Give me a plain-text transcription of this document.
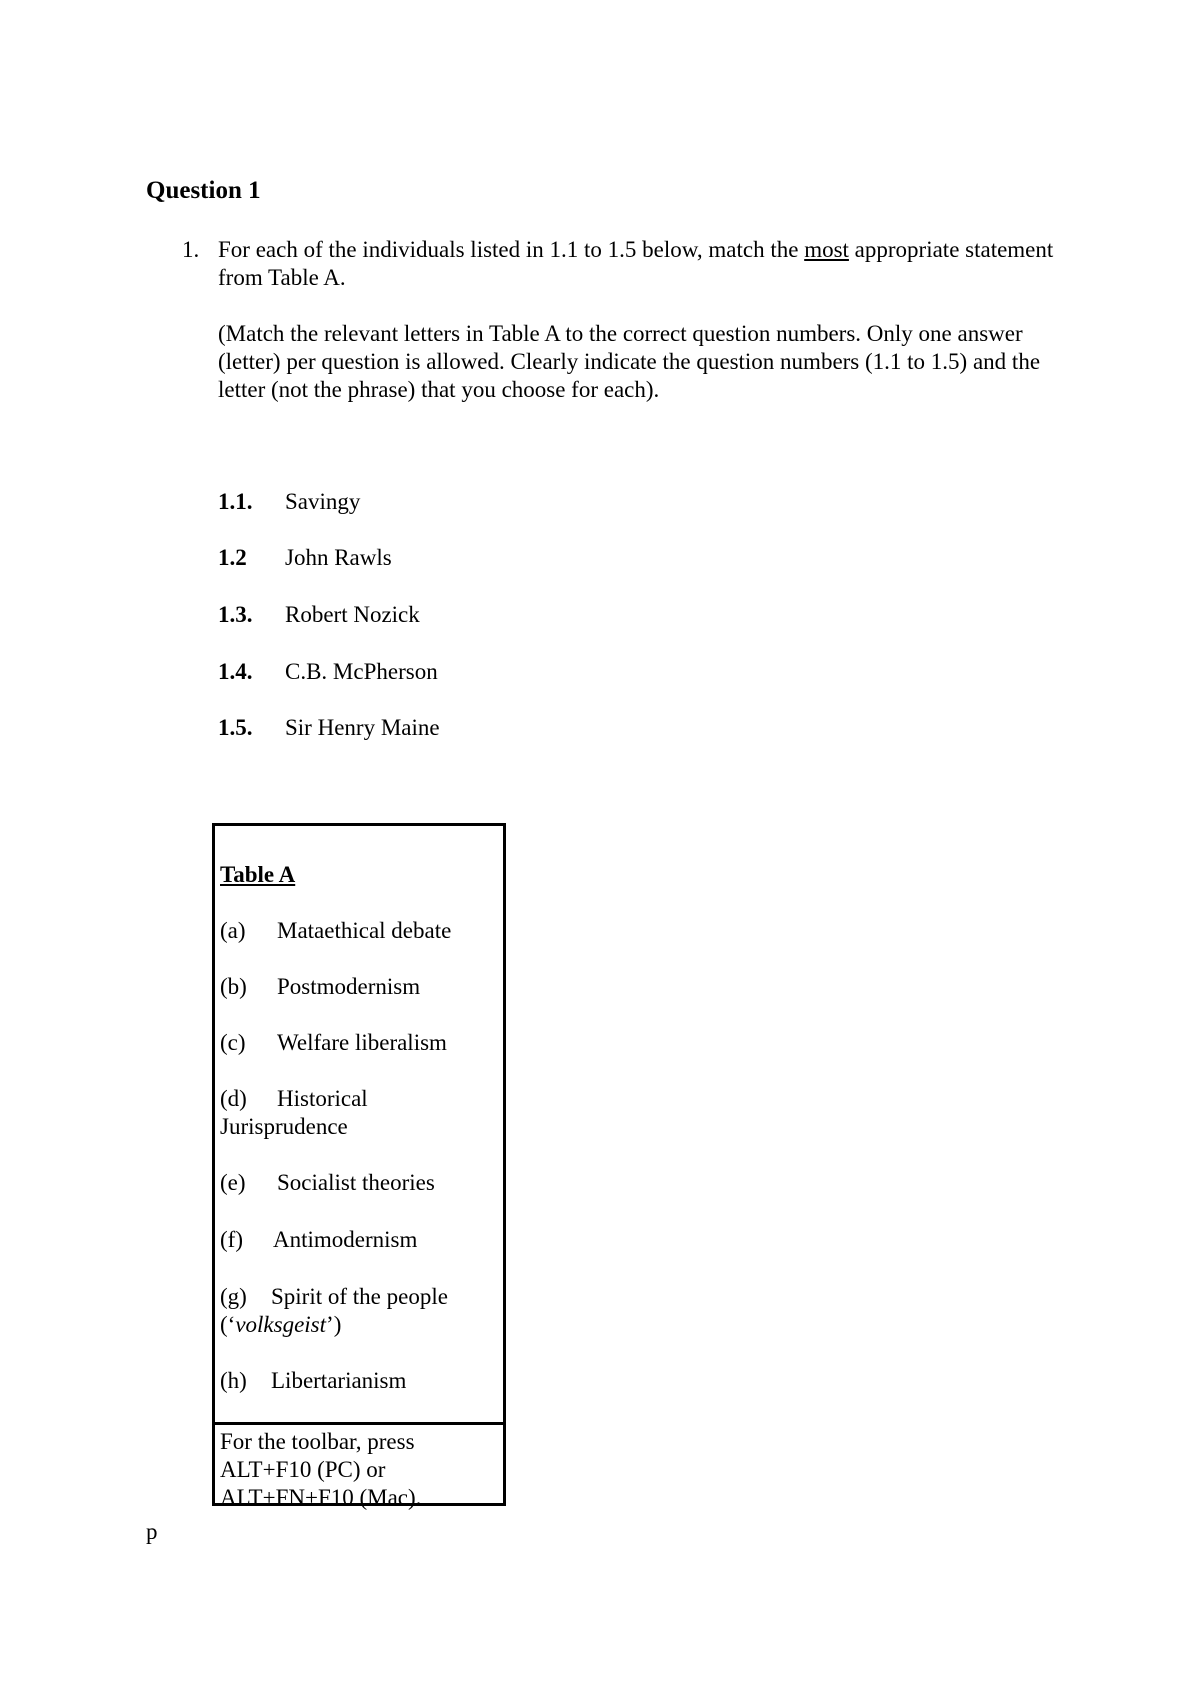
Question 1
1. For each of the individuals listed in 1.1 to 1.5 below, match the most appropriate statement from Table A.

(Match the relevant letters in Table A to the correct question numbers. Only one answer (letter) per question is allowed. Clearly indicate the question numbers (1.1 to 1.5) and the letter (not the phrase) that you choose for each).

1.1. Savingy
1.2 John Rawls
1.3. Robert Nozick
1.4. C.B. McPherson
1.5. Sir Henry Maine
Table A
(a) Mataethical debate
(b) Postmodernism
(c) Welfare liberalism
(d) Historical Jurisprudence
(e) Socialist theories
(f) Antimodernism
(g) Spirit of the people (‘volksgeist’)
(h) Libertarianism
For the toolbar, press ALT+F10 (PC) or ALT+FN+F10 (Mac).
p
